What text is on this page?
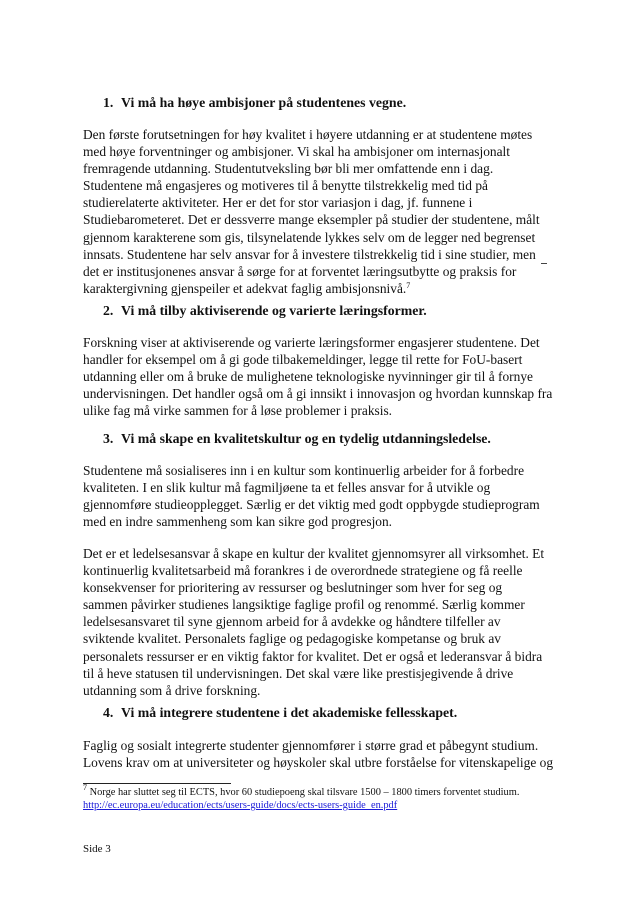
1. Vi må ha høye ambisjoner på studentenes vegne.
Den første forutsetningen for høy kvalitet i høyere utdanning er at studentene møtes
med høye forventninger og ambisjoner. Vi skal ha ambisjoner om internasjonalt
fremragende utdanning. Studentutveksling bør bli mer omfattende enn i dag.
Studentene må engasjeres og motiveres til å benytte tilstrekkelig med tid på
studierelaterte aktiviteter. Her er det for stor variasjon i dag, jf. funnene i
Studiebarometeret. Det er dessverre mange eksempler på studier der studentene, målt
gjennom karakterene som gis, tilsynelatende lykkes selv om de legger ned begrenset
innsats. Studentene har selv ansvar for å investere tilstrekkelig tid i sine studier, men
det er institusjonenes ansvar å sørge for at forventet læringsutbytte og praksis for
karaktergivning gjenspeiler et adekvat faglig ambisjonsnivå.$^7$
2. Vi må tilby aktiviserende og varierte læringsformer.
Forskning viser at aktiviserende og varierte læringsformer engasjerer studentene. Det
handler for eksempel om å gi gode tilbakemeldinger, legge til rette for FoU-basert
utdanning eller om å bruke de mulighetene teknologiske nyvinninger gir til å fornye
undervisningen. Det handler også om å gi innsikt i innovasjon og hvordan kunnskap fra
ulike fag må virke sammen for å løse problemer i praksis.
3. Vi må skape en kvalitetskultur og en tydelig utdanningsledelse.
Studentene må sosialiseres inn i en kultur som kontinuerlig arbeider for å forbedre
kvaliteten. I en slik kultur må fagmiljøene ta et felles ansvar for å utvikle og
gjennomføre studieopplegget. Særlig er det viktig med godt oppbygde studieprogram
med en indre sammenheng som kan sikre god progresjon.
Det er et ledelsesansvar å skape en kultur der kvalitet gjennomsyrer all virksomhet. Et
kontinuerlig kvalitetsarbeid må forankres i de overordnede strategiene og få reelle
konsekvenser for prioritering av ressurser og beslutninger som hver for seg og
sammen påvirker studienes langsiktige faglige profil og renommé. Særlig kommer
ledelsesansvaret til syne gjennom arbeid for å avdekke og håndtere tilfeller av
sviktende kvalitet. Personalets faglige og pedagogiske kompetanse og bruk av
personalets ressurser er en viktig faktor for kvalitet. Det er også et lederansvar å bidra
til å heve statusen til undervisningen. Det skal være like prestisjegivende å drive
utdanning som å drive forskning.
4. Vi må integrere studentene i det akademiske fellesskapet.
Faglig og sosialt integrerte studenter gjennomfører i større grad et påbegynt studium.
Lovens krav om at universiteter og høyskoler skal utbre forståelse for vitenskapelige og
$^7$ Norge har sluttet seg til ECTS, hvor 60 studiepoeng skal tilsvare 1500 – 1800 timers forventet studium.
http://ec.europa.eu/education/ects/users-guide/docs/ects-users-guide_en.pdf
Side 3
